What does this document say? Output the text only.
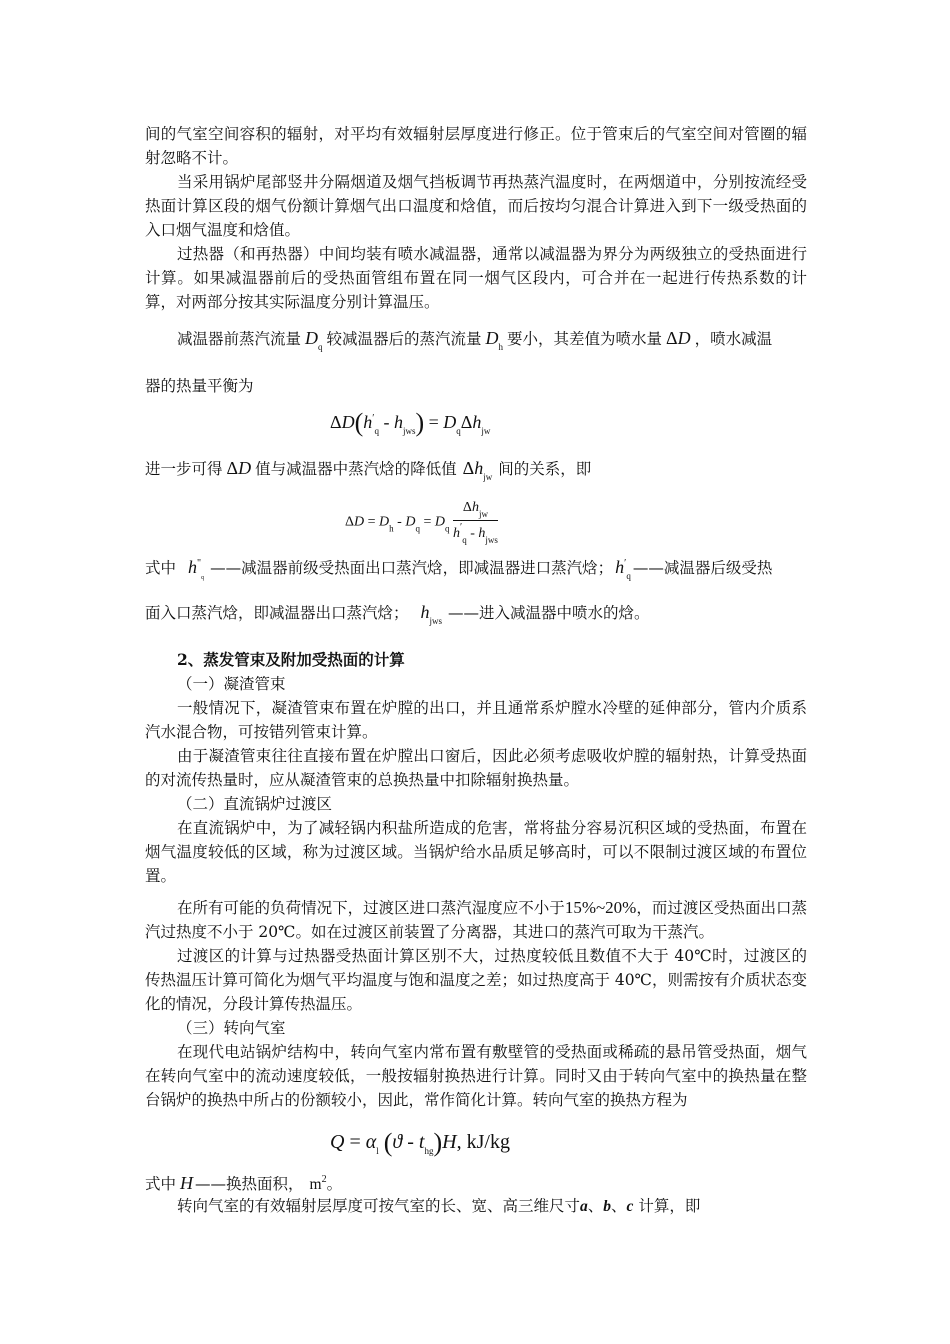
间的气室空间容积的辐射，对平均有效辐射层厚度进行修正。位于管束后的气室空间对管圈的辐射忽略不计。
当采用锅炉尾部竖井分隔烟道及烟气挡板调节再热蒸汽温度时，在两烟道中，分别按流经受热面计算区段的烟气份额计算烟气出口温度和焓值，而后按均匀混合计算进入到下一级受热面的入口烟气温度和焓值。
过热器（和再热器）中间均装有喷水减温器，通常以减温器为界分为两级独立的受热面进行计算。如果减温器前后的受热面管组布置在同一烟气区段内，可合并在一起进行传热系数的计算，对两部分按其实际温度分别计算温压。
减温器前蒸汽流量 $D_q$ 较减温器后的蒸汽流量 $D_h$ 要小，其差值为喷水量 ΔD ，喷水减温
器的热量平衡为
$\Delta D(h'_q - h_{jws}) = D_q\Delta h_{jw}$
进一步可得 ΔD 值与减温器中蒸汽焓的降低值 $\Delta h_{jw}$ 间的关系，即
$\Delta D = D_h - D_q = D_q \frac{\Delta h_{jw}}{h'_q - h_{jws}}$
式中 $h^"_q——$减温器前级受热面出口蒸汽焓，即减温器进口蒸汽焓； $h'_q$ ——减温器后级受热
面入口蒸汽焓，即减温器出口蒸汽焓； $h_{jws}$ ——进入减温器中喷水的焓。
2、蒸发管束及附加受热面的计算
（一）凝渣管束
一般情况下，凝渣管束布置在炉膛的出口，并且通常系炉膛水冷壁的延伸部分，管内介质系汽水混合物，可按错列管束计算。
由于凝渣管束往往直接布置在炉膛出口窗后，因此必须考虑吸收炉膛的辐射热，计算受热面的对流传热量时，应从凝渣管束的总换热量中扣除辐射换热量。
（二）直流锅炉过渡区
在直流锅炉中，为了减轻锅内积盐所造成的危害，常将盐分容易沉积区域的受热面，布置在烟气温度较低的区域，称为过渡区域。当锅炉给水品质足够高时，可以不限制过渡区域的布置位置。
在所有可能的负荷情况下，过渡区进口蒸汽湿度应不小于15%~20%，而过渡区受热面出口蒸汽过热度不小于 20℃。如在过渡区前装置了分离器，其进口的蒸汽可取为干蒸汽。
过渡区的计算与过热器受热面计算区别不大，过热度较低且数值不大于 40℃时，过渡区的传热温压计算可简化为烟气平均温度与饱和温度之差；如过热度高于 40℃，则需按有介质状态变化的情况，分段计算传热温压。
（三）转向气室
在现代电站锅炉结构中，转向气室内常布置有敷壁管的受热面或稀疏的悬吊管受热面，烟气在转向气室中的流动速度较低，一般按辐射换热进行计算。同时又由于转向气室中的换热量在整台锅炉的换热中所占的份额较小，因此，常作简化计算。转向气室的换热方程为
$Q = \alpha_l$ $(ϑ - t_{hg})H$, kJ/kg
式中 H ——换热面积， $m^2$。
转向气室的有效辐射层厚度可按气室的长、宽、高三维尺寸a、b、c 计算，即
